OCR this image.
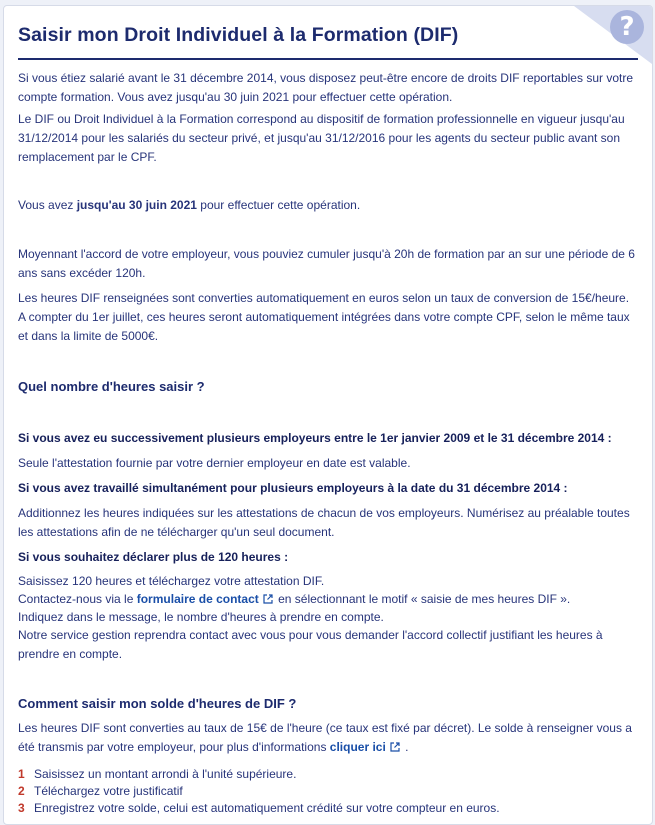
?
Saisir mon Droit Individuel à la Formation (DIF)

Si vous étiez salarié avant le 31 décembre 2014, vous disposez peut-être encore de droits DIF reportables sur votre compte formation. Vous avez jusqu'au 30 juin 2021 pour effectuer cette opération.

Le DIF ou Droit Individuel à la Formation correspond au dispositif de formation professionnelle en vigueur jusqu'au 31/12/2014 pour les salariés du secteur privé, et jusqu'au 31/12/2016 pour les agents du secteur public avant son remplacement par le CPF.

Vous avez jusqu'au 30 juin 2021 pour effectuer cette opération.

Moyennant l'accord de votre employeur, vous pouviez cumuler jusqu'à 20h de formation par an sur une période de 6 ans sans excéder 120h.

Les heures DIF renseignées sont converties automatiquement en euros selon un taux de conversion de 15€/heure. A compter du 1er juillet, ces heures seront automatiquement intégrées dans votre compte CPF, selon le même taux et dans la limite de 5000€.

Quel nombre d'heures saisir ?

Si vous avez eu successivement plusieurs employeurs entre le 1er janvier 2009 et le 31 décembre 2014 :

Seule l'attestation fournie par votre dernier employeur en date est valable.

Si vous avez travaillé simultanément pour plusieurs employeurs à la date du 31 décembre 2014 :

Additionnez les heures indiquées sur les attestations de chacun de vos employeurs. Numérisez au préalable toutes les attestations afin de ne télécharger qu'un seul document.

Si vous souhaitez déclarer plus de 120 heures :

Saisissez 120 heures et téléchargez votre attestation DIF.

Contactez-nous via le formulaire de contact en sélectionnant le motif « saisie de mes heures DIF ».

Indiquez dans le message, le nombre d'heures à prendre en compte.

Notre service gestion reprendra contact avec vous pour vous demander l'accord collectif justifiant les heures à prendre en compte.

Comment saisir mon solde d'heures de DIF ?

Les heures DIF sont converties au taux de 15€ de l'heure (ce taux est fixé par décret). Le solde à renseigner vous a été transmis par votre employeur, pour plus d'informations cliquer ici .

1 Saisissez un montant arrondi à l'unité supérieure.
2 Téléchargez votre justificatif
3 Enregistrez votre solde, celui est automatiquement crédité sur votre compteur en euros.
